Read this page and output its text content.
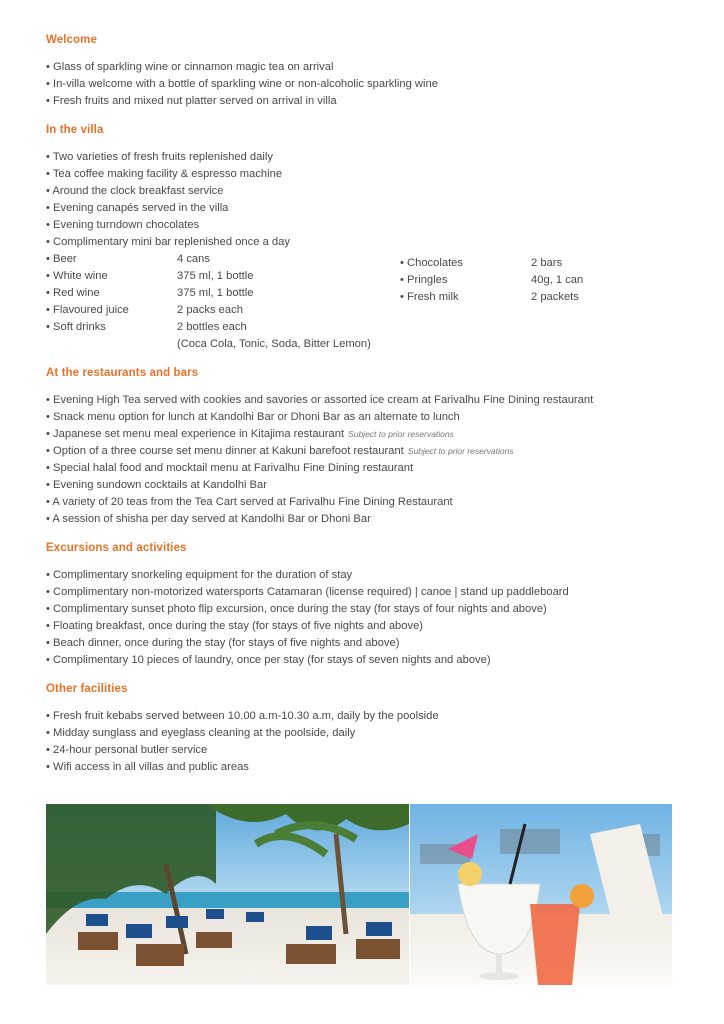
Welcome
• Glass of sparkling wine or cinnamon magic tea on arrival
• In-villa welcome with a bottle of sparkling wine or non-alcoholic sparkling wine
• Fresh fruits and mixed nut platter served on arrival in villa
In the villa
• Two varieties of fresh fruits replenished daily
• Tea coffee making facility & espresso machine
• Around the clock breakfast service
• Evening canapés served in the villa
• Evening turndown chocolates
• Complimentary mini bar replenished once a day
• Beer	4 cans
• White wine	375 ml, 1 bottle
• Red wine	375 ml, 1 bottle
• Flavoured juice	2 packs each
• Soft drinks	2 bottles each
(Coca Cola, Tonic, Soda, Bitter Lemon)
• Chocolates	2 bars
• Pringles	40g, 1 can
• Fresh milk	2 packets
At the restaurants and bars
• Evening High Tea served with cookies and savories or assorted ice cream at Farivalhu Fine Dining restaurant
• Snack menu option for lunch at Kandolhi Bar or Dhoni Bar as an alternate to lunch
• Japanese set menu meal experience in Kitajima restaurant Subject to prior reservations
• Option of a three course set menu dinner at Kakuni barefoot restaurant Subject to prior reservations
• Special halal food and mocktail menu at Farivalhu Fine Dining restaurant
• Evening sundown cocktails at Kandolhi Bar
• A variety of 20 teas from the Tea Cart served at Farivalhu Fine Dining Restaurant
• A session of shisha per day served at Kandolhi Bar or Dhoni Bar
Excursions and activities
• Complimentary snorkeling equipment for the duration of stay
• Complimentary non-motorized watersports Catamaran (license required) | canoe | stand up paddleboard
• Complimentary sunset photo flip excursion, once during the stay (for stays of four nights and above)
• Floating breakfast, once during the stay (for stays of five nights and above)
• Beach dinner, once during the stay (for stays of five nights and above)
• Complimentary 10 pieces of laundry, once per stay (for stays of seven nights and above)
Other facilities
• Fresh fruit kebabs served between 10.00 a.m-10.30 a.m, daily by the poolside
• Midday sunglass and eyeglass cleaning at the poolside, daily
• 24-hour personal butler service
• Wifi access in all villas and public areas
